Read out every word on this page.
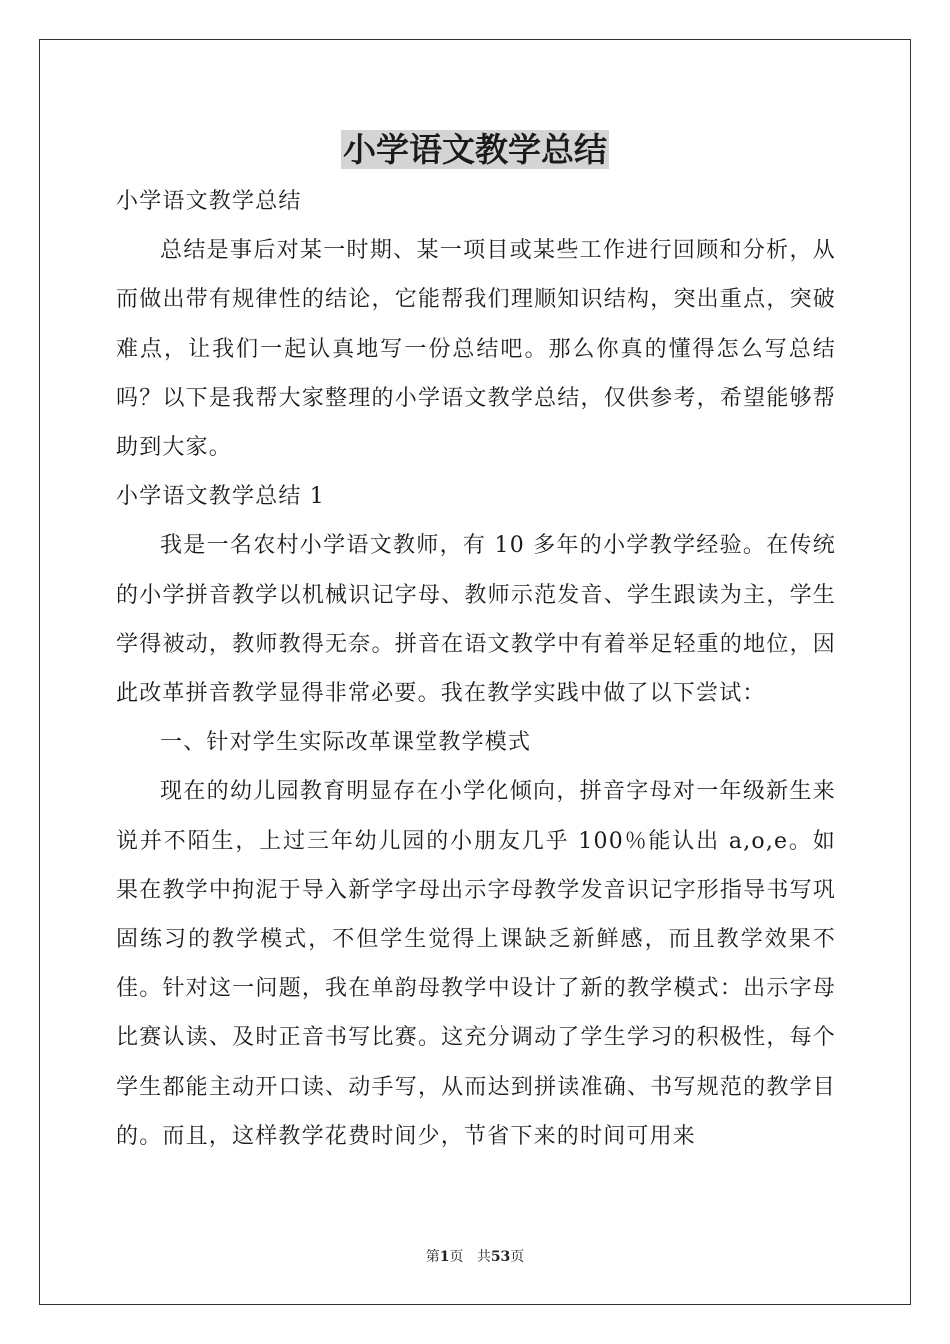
小学语文教学总结

小学语文教学总结

总结是事后对某一时期、某一项目或某些工作进行回顾和分析，从而做出带有规律性的结论，它能帮我们理顺知识结构，突出重点，突破难点，让我们一起认真地写一份总结吧。那么你真的懂得怎么写总结吗？以下是我帮大家整理的小学语文教学总结，仅供参考，希望能够帮助到大家。

小学语文教学总结 1

我是一名农村小学语文教师，有 10 多年的小学教学经验。在传统的小学拼音教学以机械识记字母、教师示范发音、学生跟读为主，学生学得被动，教师教得无奈。拼音在语文教学中有着举足轻重的地位，因此改革拼音教学显得非常必要。我在教学实践中做了以下尝试：

一、针对学生实际改革课堂教学模式

现在的幼儿园教育明显存在小学化倾向，拼音字母对一年级新生来说并不陌生，上过三年幼儿园的小朋友几乎 100％能认出 a,o,e。如果在教学中拘泥于导入新学字母出示字母教学发音识记字形指导书写巩固练习的教学模式，不但学生觉得上课缺乏新鲜感，而且教学效果不佳。针对这一问题，我在单韵母教学中设计了新的教学模式：出示字母比赛认读、及时正音书写比赛。这充分调动了学生学习的积极性，每个学生都能主动开口读、动手写，从而达到拼读准确、书写规范的教学目的。而且，这样教学花费时间少，节省下来的时间可用来

第1页 共53页
